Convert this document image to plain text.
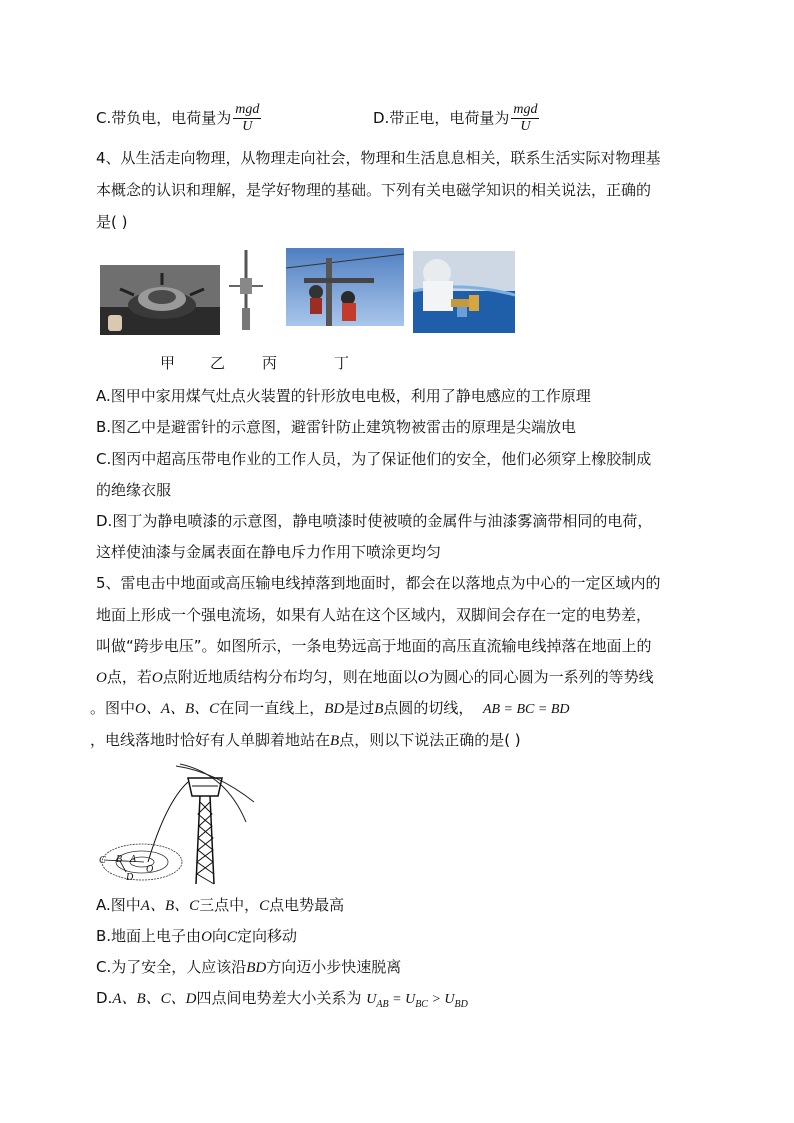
C.带负电，电荷量为 $\frac{\text{mgd}}{U}$	D.带正电，电荷量为 $\frac{\text{mgd}}{U}$
4、从生活走向物理，从物理走向社会，物理和生活息息相关，联系生活实际对物理基
本概念的认识和理解，是学好物理的基础。下列有关电磁学知识的相关说法，正确的
是( )
甲 乙 丙	丁
A.图甲中家用煤气灶点火装置的针形放电电极，利用了静电感应的工作原理
B.图乙中是避雷针的示意图，避雷针防止建筑物被雷击的原理是尖端放电
C.图丙中超高压带电作业的工作人员，为了保证他们的安全，他们必须穿上橡胶制成
的绝缘衣服
D.图丁为静电喷漆的示意图，静电喷漆时使被喷的金属件与油漆雾滴带相同的电荷，
这样使油漆与金属表面在静电斥力作用下喷涂更均匀
5、雷电击中地面或高压输电线掉落到地面时，都会在以落地点为中心的一定区域内的
地面上形成一个强电流场，如果有人站在这个区域内，双脚间会存在一定的电势差，
叫做“跨步电压”。如图所示，一条电势远高于地面的高压直流输电线掉落在地面上的
O点，若O点附近地质结构分布均匀，则在地面以O为圆心的同心圆为一系列的等势线
。图中O、A、B、C在同一直线上，BD是过B点圆的切线， AB = BC = BD
，电线落地时恰好有人单脚着地站在B点，则以下说法正确的是( )
C B A
O
D
A.图中A、B、C三点中，C点电势最高
B.地面上电子由O向C定向移动
C.为了安全，人应该沿BD方向迈小步快速脱离
D.A、B、C、D四点间电势差大小关系为 $U_{AB} = U_{BC} > U_{BD}$
